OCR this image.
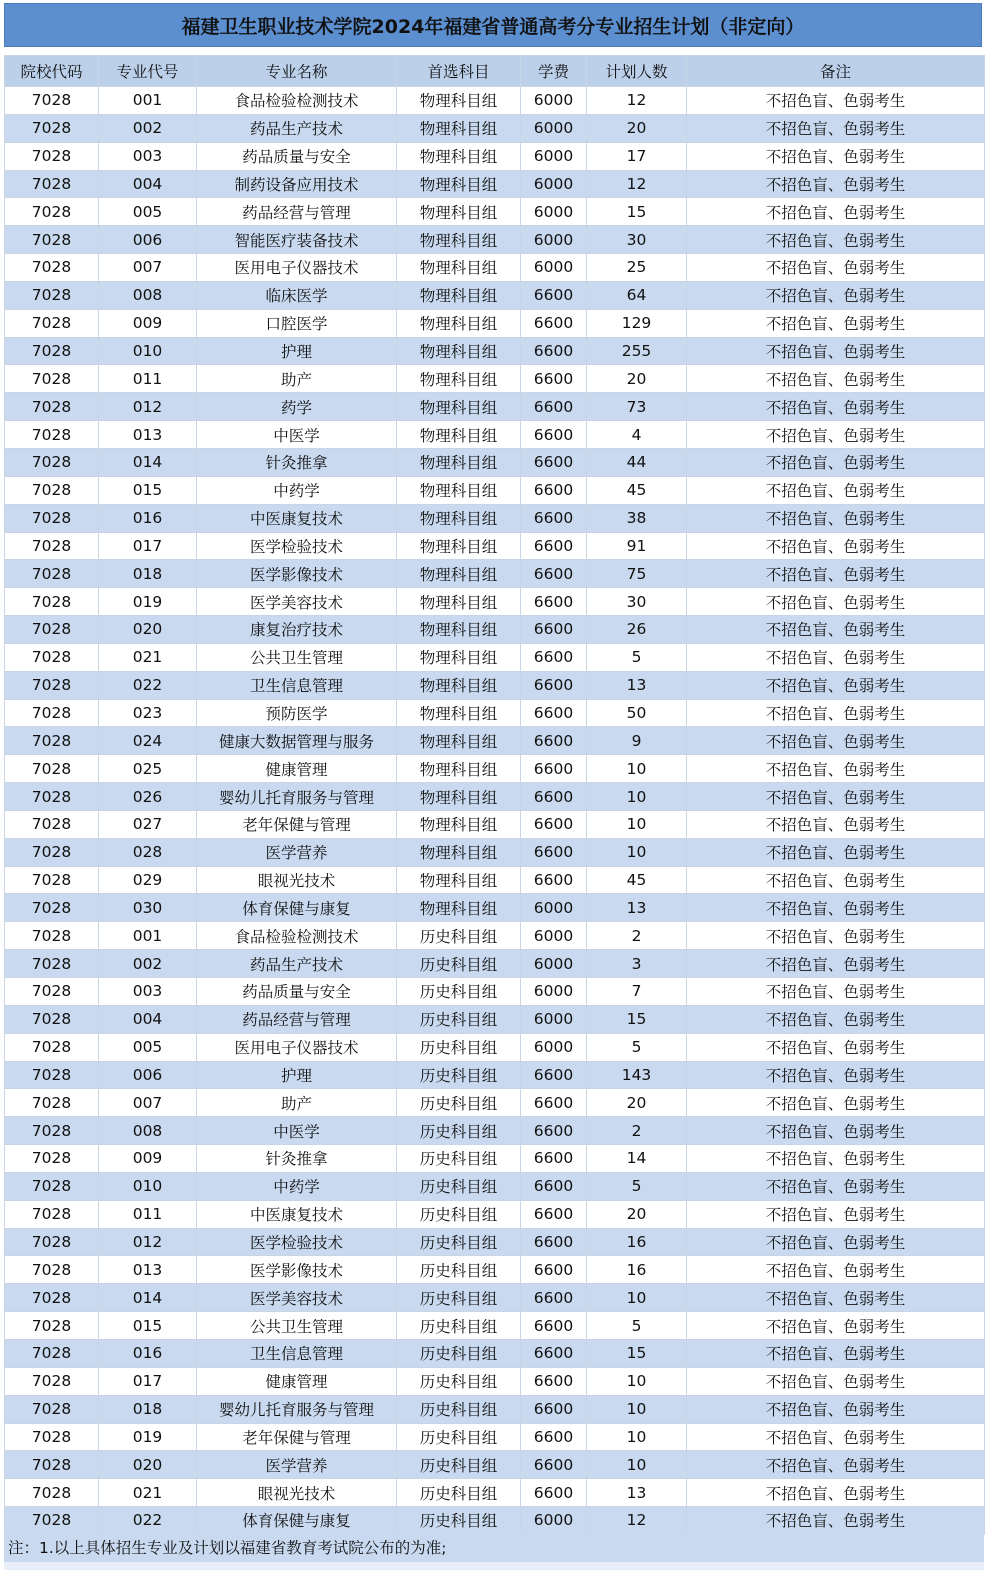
福建卫生职业技术学院2024年福建省普通高考分专业招生计划（非定向）
院校代码	专业代号	专业名称	首选科目	学费	计划人数	备注
7028	001	食品检验检测技术	物理科目组	6000	12	不招色盲、色弱考生
7028	002	药品生产技术	物理科目组	6000	20	不招色盲、色弱考生
7028	003	药品质量与安全	物理科目组	6000	17	不招色盲、色弱考生
7028	004	制药设备应用技术	物理科目组	6000	12	不招色盲、色弱考生
7028	005	药品经营与管理	物理科目组	6000	15	不招色盲、色弱考生
7028	006	智能医疗装备技术	物理科目组	6000	30	不招色盲、色弱考生
7028	007	医用电子仪器技术	物理科目组	6000	25	不招色盲、色弱考生
7028	008	临床医学	物理科目组	6600	64	不招色盲、色弱考生
7028	009	口腔医学	物理科目组	6600	129	不招色盲、色弱考生
7028	010	护理	物理科目组	6600	255	不招色盲、色弱考生
7028	011	助产	物理科目组	6600	20	不招色盲、色弱考生
7028	012	药学	物理科目组	6600	73	不招色盲、色弱考生
7028	013	中医学	物理科目组	6600	4	不招色盲、色弱考生
7028	014	针灸推拿	物理科目组	6600	44	不招色盲、色弱考生
7028	015	中药学	物理科目组	6600	45	不招色盲、色弱考生
7028	016	中医康复技术	物理科目组	6600	38	不招色盲、色弱考生
7028	017	医学检验技术	物理科目组	6600	91	不招色盲、色弱考生
7028	018	医学影像技术	物理科目组	6600	75	不招色盲、色弱考生
7028	019	医学美容技术	物理科目组	6600	30	不招色盲、色弱考生
7028	020	康复治疗技术	物理科目组	6600	26	不招色盲、色弱考生
7028	021	公共卫生管理	物理科目组	6600	5	不招色盲、色弱考生
7028	022	卫生信息管理	物理科目组	6600	13	不招色盲、色弱考生
7028	023	预防医学	物理科目组	6600	50	不招色盲、色弱考生
7028	024	健康大数据管理与服务	物理科目组	6600	9	不招色盲、色弱考生
7028	025	健康管理	物理科目组	6600	10	不招色盲、色弱考生
7028	026	婴幼儿托育服务与管理	物理科目组	6600	10	不招色盲、色弱考生
7028	027	老年保健与管理	物理科目组	6600	10	不招色盲、色弱考生
7028	028	医学营养	物理科目组	6600	10	不招色盲、色弱考生
7028	029	眼视光技术	物理科目组	6600	45	不招色盲、色弱考生
7028	030	体育保健与康复	物理科目组	6000	13	不招色盲、色弱考生
7028	001	食品检验检测技术	历史科目组	6000	2	不招色盲、色弱考生
7028	002	药品生产技术	历史科目组	6000	3	不招色盲、色弱考生
7028	003	药品质量与安全	历史科目组	6000	7	不招色盲、色弱考生
7028	004	药品经营与管理	历史科目组	6000	15	不招色盲、色弱考生
7028	005	医用电子仪器技术	历史科目组	6000	5	不招色盲、色弱考生
7028	006	护理	历史科目组	6600	143	不招色盲、色弱考生
7028	007	助产	历史科目组	6600	20	不招色盲、色弱考生
7028	008	中医学	历史科目组	6600	2	不招色盲、色弱考生
7028	009	针灸推拿	历史科目组	6600	14	不招色盲、色弱考生
7028	010	中药学	历史科目组	6600	5	不招色盲、色弱考生
7028	011	中医康复技术	历史科目组	6600	20	不招色盲、色弱考生
7028	012	医学检验技术	历史科目组	6600	16	不招色盲、色弱考生
7028	013	医学影像技术	历史科目组	6600	16	不招色盲、色弱考生
7028	014	医学美容技术	历史科目组	6600	10	不招色盲、色弱考生
7028	015	公共卫生管理	历史科目组	6600	5	不招色盲、色弱考生
7028	016	卫生信息管理	历史科目组	6600	15	不招色盲、色弱考生
7028	017	健康管理	历史科目组	6600	10	不招色盲、色弱考生
7028	018	婴幼儿托育服务与管理	历史科目组	6600	10	不招色盲、色弱考生
7028	019	老年保健与管理	历史科目组	6600	10	不招色盲、色弱考生
7028	020	医学营养	历史科目组	6600	10	不招色盲、色弱考生
7028	021	眼视光技术	历史科目组	6600	13	不招色盲、色弱考生
7028	022	体育保健与康复	历史科目组	6000	12	不招色盲、色弱考生
注：1.以上具体招生专业及计划以福建省教育考试院公布的为准;
